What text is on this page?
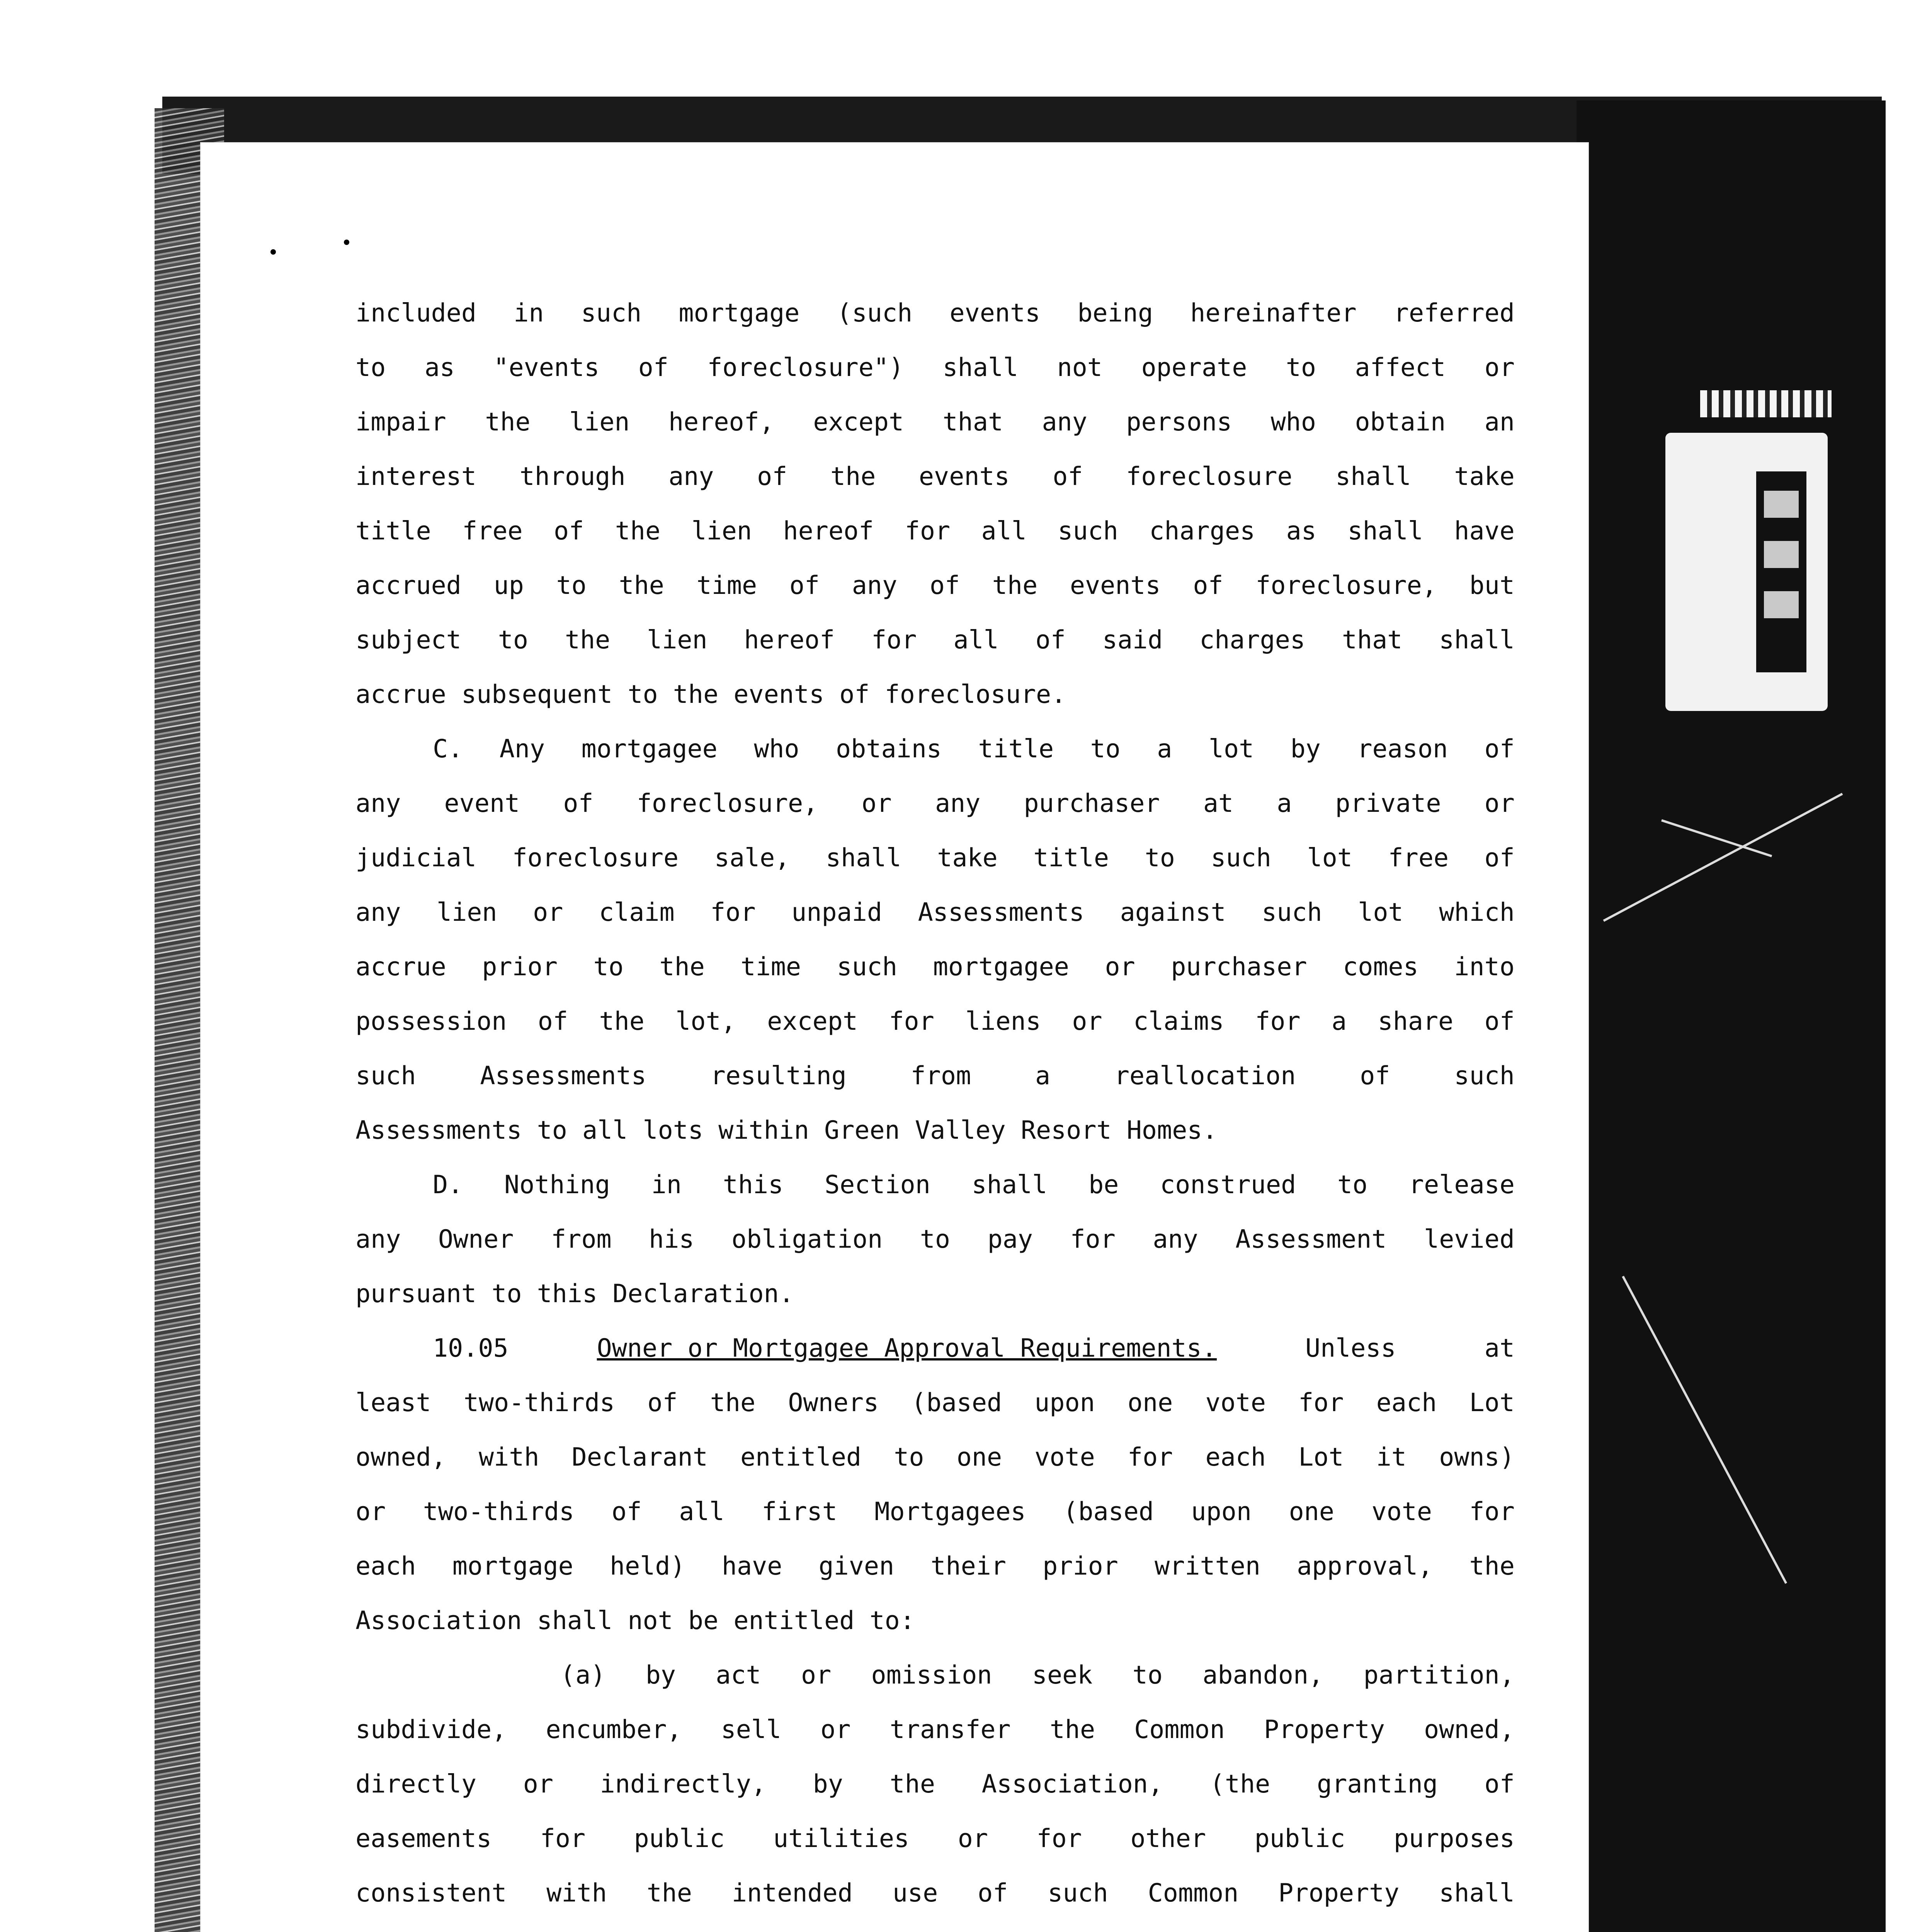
included in such mortgage (such events being hereinafter referred
to as "events of foreclosure") shall not operate to affect or
impair the lien hereof, except that any persons who obtain an
interest through any of the events of foreclosure shall take
title free of the lien hereof for all such charges as shall have
accrued up to the time of any of the events of foreclosure, but
subject to the lien hereof for all of said charges that shall
accrue subsequent to the events of foreclosure.
C. Any mortgagee who obtains title to a lot by reason of
any event of foreclosure, or any purchaser at a private or
judicial foreclosure sale, shall take title to such lot free of
any lien or claim for unpaid Assessments against such lot which
accrue prior to the time such mortgagee or purchaser comes into
possession of the lot, except for liens or claims for a share of
such	Assessments	resulting	from	a	reallocation	of	such
Assessments to all lots within Green Valley Resort Homes.
D. Nothing in this Section shall be construed to release
any Owner from his obligation to pay for any Assessment levied
pursuant to this Declaration.
10.05	Owner or Mortgagee Approval Requirements.	Unless	at
least two-thirds of the Owners (based upon one vote for each Lot
owned, with Declarant entitled to one vote for each Lot it owns)
or two-thirds of all first Mortgagees (based upon one vote for
each mortgage held) have given their prior written approval, the
Association shall not be entitled to:
(a) by act or omission seek to abandon, partition,
subdivide, encumber, sell or transfer the Common Property owned,
directly or indirectly, by the Association, (the granting of
easements for public utilities or for other public purposes
consistent with the intended use of such Common Property shall
